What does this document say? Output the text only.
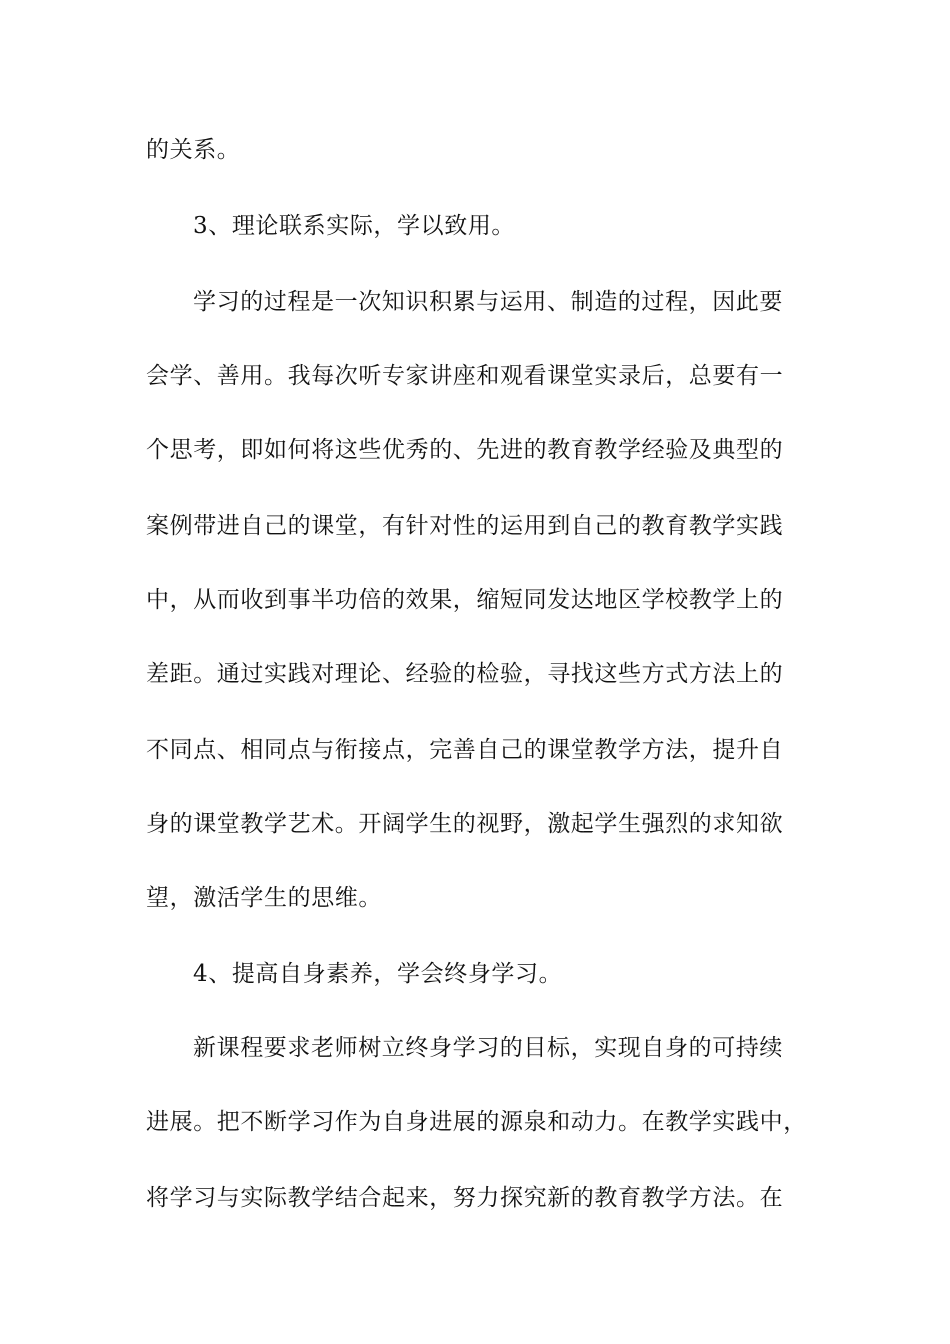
的关系。

3、理论联系实际，学以致用。

学习的过程是一次知识积累与运用、制造的过程，因此要

会学、善用。我每次听专家讲座和观看课堂实录后，总要有一

个思考，即如何将这些优秀的、先进的教育教学经验及典型的

案例带进自己的课堂，有针对性的运用到自己的教育教学实践

中，从而收到事半功倍的效果，缩短同发达地区学校教学上的

差距。通过实践对理论、经验的检验，寻找这些方式方法上的

不同点、相同点与衔接点，完善自己的课堂教学方法，提升自

身的课堂教学艺术。开阔学生的视野，激起学生强烈的求知欲

望，激活学生的思维。

4、提高自身素养，学会终身学习。

新课程要求老师树立终身学习的目标，实现自身的可持续

进展。把不断学习作为自身进展的源泉和动力。在教学实践中，

将学习与实际教学结合起来，努力探究新的教育教学方法。在
